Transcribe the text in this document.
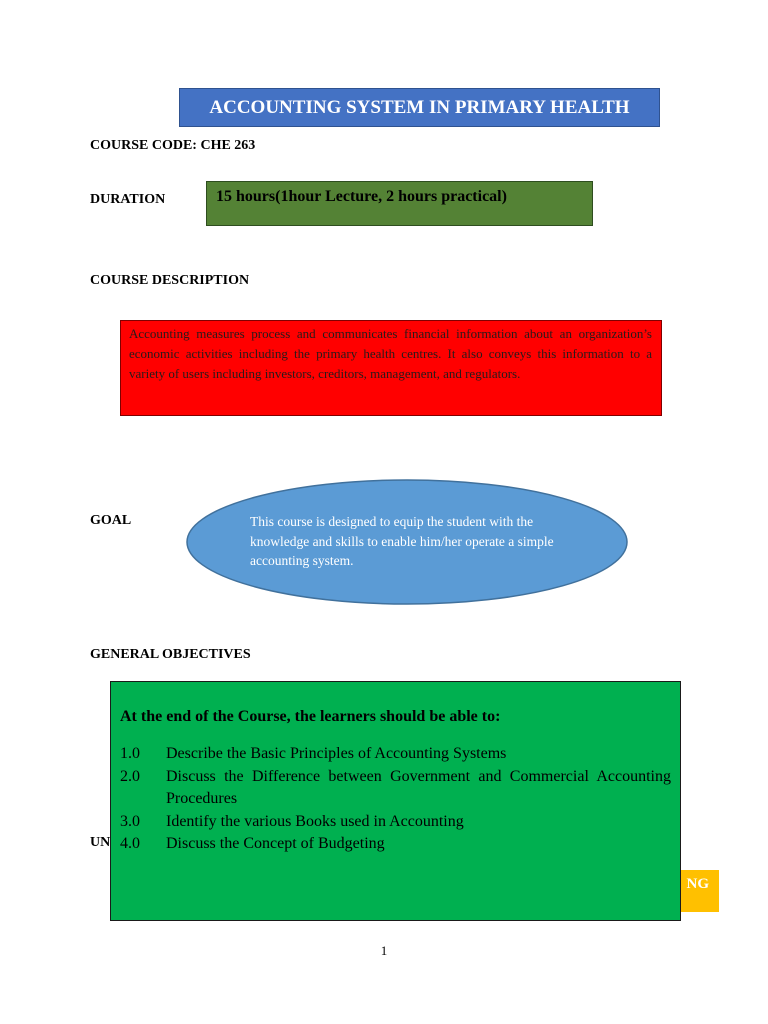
ACCOUNTING SYSTEM IN PRIMARY HEALTH
COURSE CODE: CHE 263
DURATION	15 hours(1hour Lecture, 2 hours practical)
COURSE DESCRIPTION
Accounting measures process and communicates financial information about an organization’s economic activities including the primary health centres. It also conveys this information to a variety of users including investors, creditors, management, and regulators.
GOAL	This course is designed to equip the student with the knowledge and skills to enable him/her operate a simple accounting system.
GENERAL OBJECTIVES
UN
NG
At the end of the Course, the learners should be able to:
1.0	Describe the Basic Principles of Accounting Systems
2.0	Discuss the Difference between Government and Commercial Accounting Procedures
3.0	Identify the various Books used in Accounting
4.0	Discuss the Concept of Budgeting
1
